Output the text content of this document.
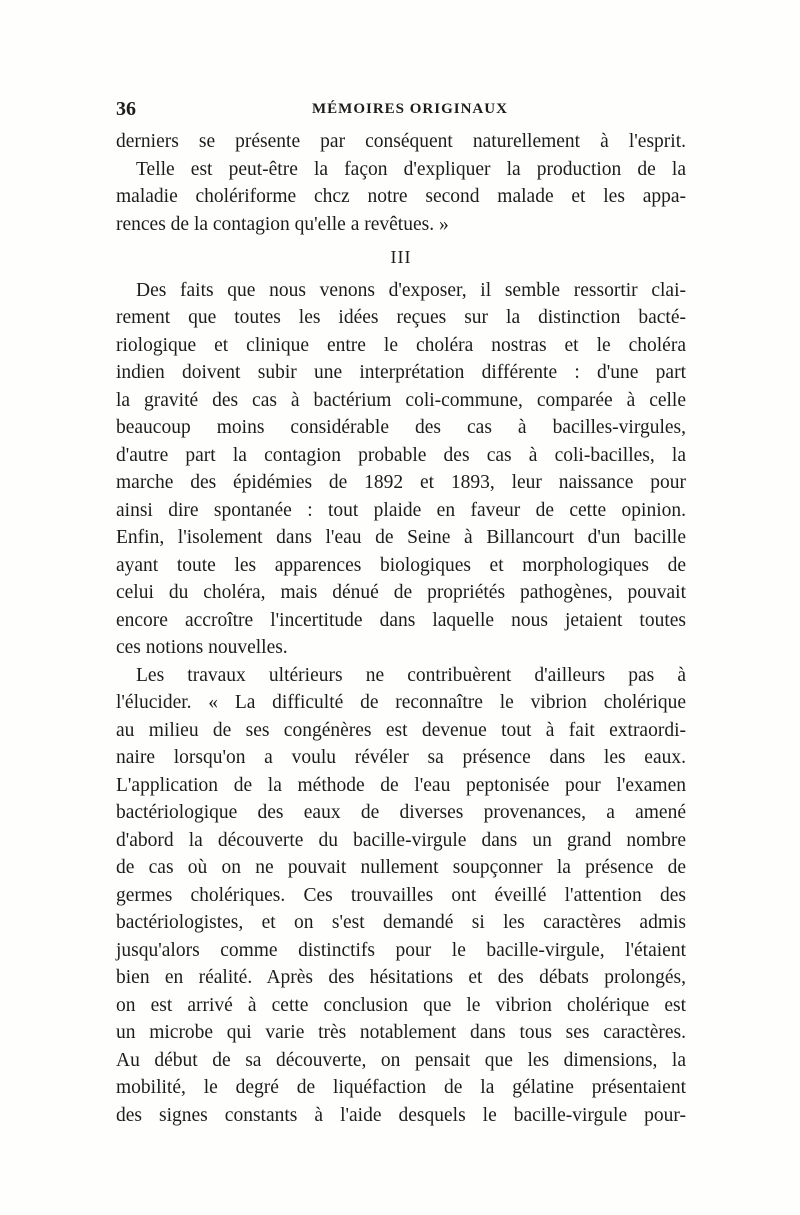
36	MÉMOIRES ORIGINAUX

derniers se présente par conséquent naturellement à l'esprit.

Telle est peut-être la façon d'expliquer la production de la

maladie cholériforme chcz notre second malade et les appa-

rences de la contagion qu'elle a revêtues. »

III

Des faits que nous venons d'exposer, il semble ressortir clai-

rement que toutes les idées reçues sur la distinction bacté-

riologique et clinique entre le choléra nostras et le choléra

indien doivent subir une interprétation différente : d'une part

la gravité des cas à bactérium coli-commune, comparée à celle

beaucoup moins considérable des cas à bacilles-virgules,

d'autre part la contagion probable des cas à coli-bacilles, la

marche des épidémies de 1892 et 1893, leur naissance pour

ainsi dire spontanée : tout plaide en faveur de cette opinion.

Enfin, l'isolement dans l'eau de Seine à Billancourt d'un bacille

ayant toute les apparences biologiques et morphologiques de

celui du choléra, mais dénué de propriétés pathogènes, pouvait

encore accroître l'incertitude dans laquelle nous jetaient toutes

ces notions nouvelles.

Les travaux ultérieurs ne contribuèrent d'ailleurs pas à

l'élucider. « La difficulté de reconnaître le vibrion cholérique

au milieu de ses congénères est devenue tout à fait extraordi-

naire lorsqu'on a voulu révéler sa présence dans les eaux.

L'application de la méthode de l'eau peptonisée pour l'examen

bactériologique des eaux de diverses provenances, a amené

d'abord la découverte du bacille-virgule dans un grand nombre

de cas où on ne pouvait nullement soupçonner la présence de

germes cholériques. Ces trouvailles ont éveillé l'attention des

bactériologistes, et on s'est demandé si les caractères admis

jusqu'alors comme distinctifs pour le bacille-virgule, l'étaient

bien en réalité. Après des hésitations et des débats prolongés,

on est arrivé à cette conclusion que le vibrion cholérique est

un microbe qui varie très notablement dans tous ses caractères.

Au début de sa découverte, on pensait que les dimensions, la

mobilité, le degré de liquéfaction de la gélatine présentaient

des signes constants à l'aide desquels le bacille-virgule pour-
